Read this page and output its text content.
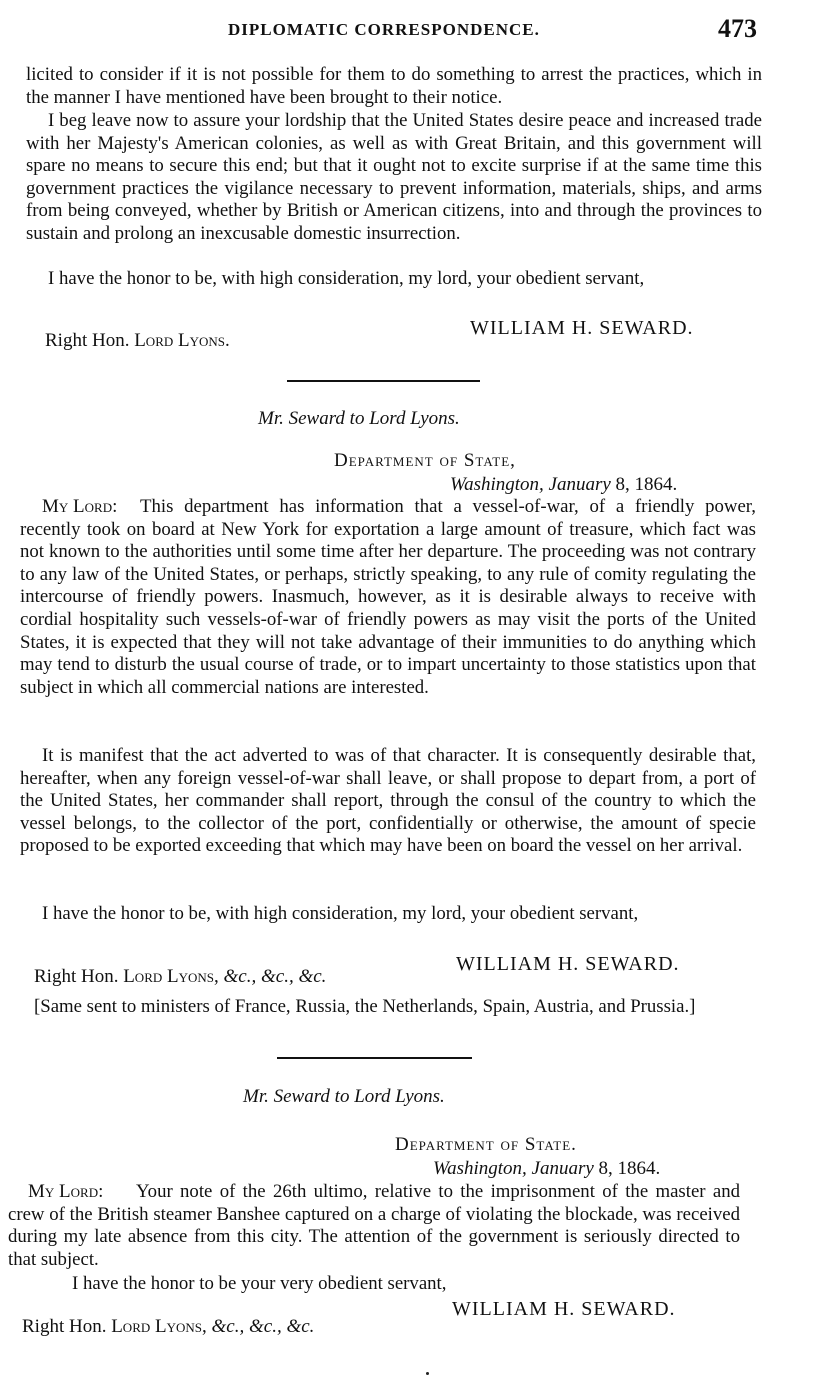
DIPLOMATIC CORRESPONDENCE.	473

licited to consider if it is not possible for them to do something to arrest the practices, which in the manner I have mentioned have been brought to their notice.

I beg leave now to assure your lordship that the United States desire peace and increased trade with her Majesty's American colonies, as well as with Great Britain, and this government will spare no means to secure this end; but that it ought not to excite surprise if at the same time this government practices the vigilance necessary to prevent information, materials, ships, and arms from being conveyed, whether by British or American citizens, into and through the provinces to sustain and prolong an inexcusable domestic insurrection.

I have the honor to be, with high consideration, my lord, your obedient servant,

WILLIAM H. SEWARD.
Right Hon. Lord Lyons.
Mr. Seward to Lord Lyons.
Department of State,
Washington, January 8, 1864.
My Lord:	This department has information that a vessel-of-war, of a friendly power, recently took on board at New York for exportation a large amount of treasure, which fact was not known to the authorities until some time after her departure. The proceeding was not contrary to any law of the United States, or perhaps, strictly speaking, to any rule of comity regulating the intercourse of friendly powers. Inasmuch, however, as it is desirable always to receive with cordial hospitality such vessels-of-war of friendly powers as may visit the ports of the United States, it is expected that they will not take advantage of their immunities to do anything which may tend to disturb the usual course of trade, or to impart uncertainty to those statistics upon that subject in which all commercial nations are interested.

It is manifest that the act adverted to was of that character. It is consequently desirable that, hereafter, when any foreign vessel-of-war shall leave, or shall propose to depart from, a port of the United States, her commander shall report, through the consul of the country to which the vessel belongs, to the collector of the port, confidentially or otherwise, the amount of specie proposed to be exported exceeding that which may have been on board the vessel on her arrival.

I have the honor to be, with high consideration, my lord, your obedient servant,

WILLIAM H. SEWARD.
Right Hon. Lord Lyons, &c., &c., &c.

[Same sent to ministers of France, Russia, the Netherlands, Spain, Austria, and Prussia.]

Mr. Seward to Lord Lyons.
Department of State.
Washington, January 8, 1864.
My Lord:	Your note of the 26th ultimo, relative to the imprisonment of the master and crew of the British steamer Banshee captured on a charge of violating the blockade, was received during my late absence from this city. The attention of the government is seriously directed to that subject.

I have the honor to be your very obedient servant,

WILLIAM H. SEWARD.
Right Hon. Lord Lyons, &c., &c., &c.
